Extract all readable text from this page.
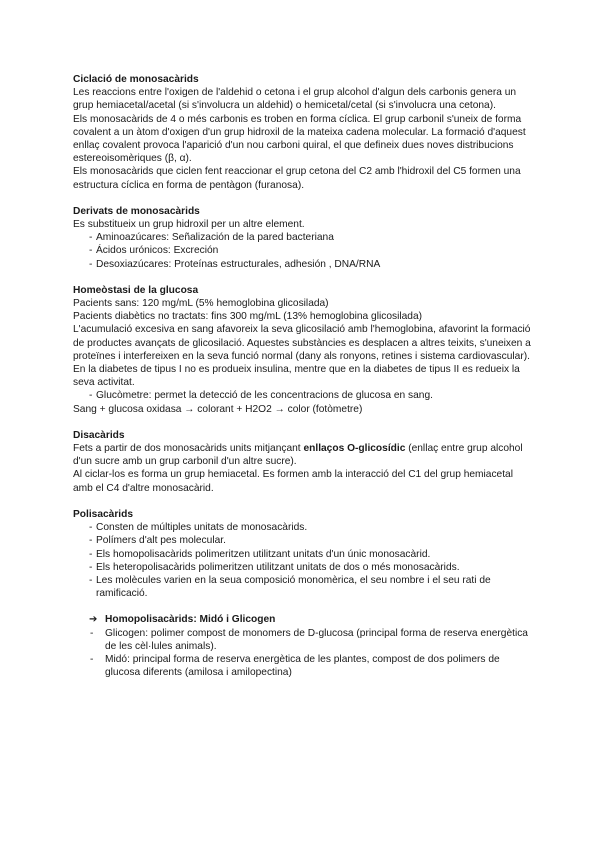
Ciclació de monosacàrids

Les reaccions entre l'oxigen de l'aldehid o cetona i el grup alcohol d'algun dels carbonis genera un grup hemiacetal/acetal (si s'involucra un aldehid) o hemicetal/cetal (si s'involucra una cetona).

Els monosacàrids de 4 o més carbonis es troben en forma cíclica. El grup carbonil s'uneix de forma covalent a un àtom d'oxigen d'un grup hidroxil de la mateixa cadena molecular. La formació d'aquest enllaç covalent provoca l'aparició d'un nou carboni quiral, el que defineix dues noves distribucions estereoisomèriques (β, α).

Els monosacàrids que ciclen fent reaccionar el grup cetona del C2 amb l'hidroxil del C5 formen una estructura cíclica en forma de pentàgon (furanosa).

Derivats de monosacàrids

Es substitueix un grup hidroxil per un altre element.

- Aminoazúcares: Señalización de la pared bacteriana
- Ácidos urónicos: Excreción
- Desoxiazúcares: Proteínas estructurales, adhesión , DNA/RNA
Homeòstasi de la glucosa

Pacients sans: 120 mg/mL (5% hemoglobina glicosilada)

Pacients diabètics no tractats: fins 300 mg/mL (13% hemoglobina glicosilada)

L'acumulació excesiva en sang afavoreix la seva glicosilació amb l'hemoglobina, afavorint la formació de productes avançats de glicosilació. Aquestes substàncies es desplacen a altres teixits, s'uneixen a proteïnes i interfereixen en la seva funció normal (dany als ronyons, retines i sistema cardiovascular).

En la diabetes de tipus I no es produeix insulina, mentre que en la diabetes de tipus II es redueix la seva activitat.

- Glucòmetre: permet la detecció de les concentracions de glucosa en sang.

Sang + glucosa oxidasa → colorant + H2O2 → color (fotòmetre)

Disacàrids

Fets a partir de dos monosacàrids units mitjançant enllaços O-glicosídic (enllaç entre grup alcohol d'un sucre amb un grup carbonil d'un altre sucre).

Al ciclar-los es forma un grup hemiacetal. Es formen amb la interacció del C1 del grup hemiacetal amb el C4 d'altre monosacàrid.

Polisacàrids
- Consten de múltiples unitats de monosacàrids.
- Polímers d'alt pes molecular.
- Els homopolisacàrids polimeritzen utilitzant unitats d'un únic monosacàrid.
- Els heteropolisacàrids polimeritzen utilitzant unitats de dos o més monosacàrids.
- Les molècules varien en la seua composició monomèrica, el seu nombre i el seu rati de ramificació.
➔ Homopolisacàrids: Midó i Glicogen
- Glicogen: polimer compost de monomers de D-glucosa (principal forma de reserva energètica de les cèl·lules animals).
- Midó: principal forma de reserva energètica de les plantes, compost de dos polimers de glucosa diferents (amilosa i amilopectina)
